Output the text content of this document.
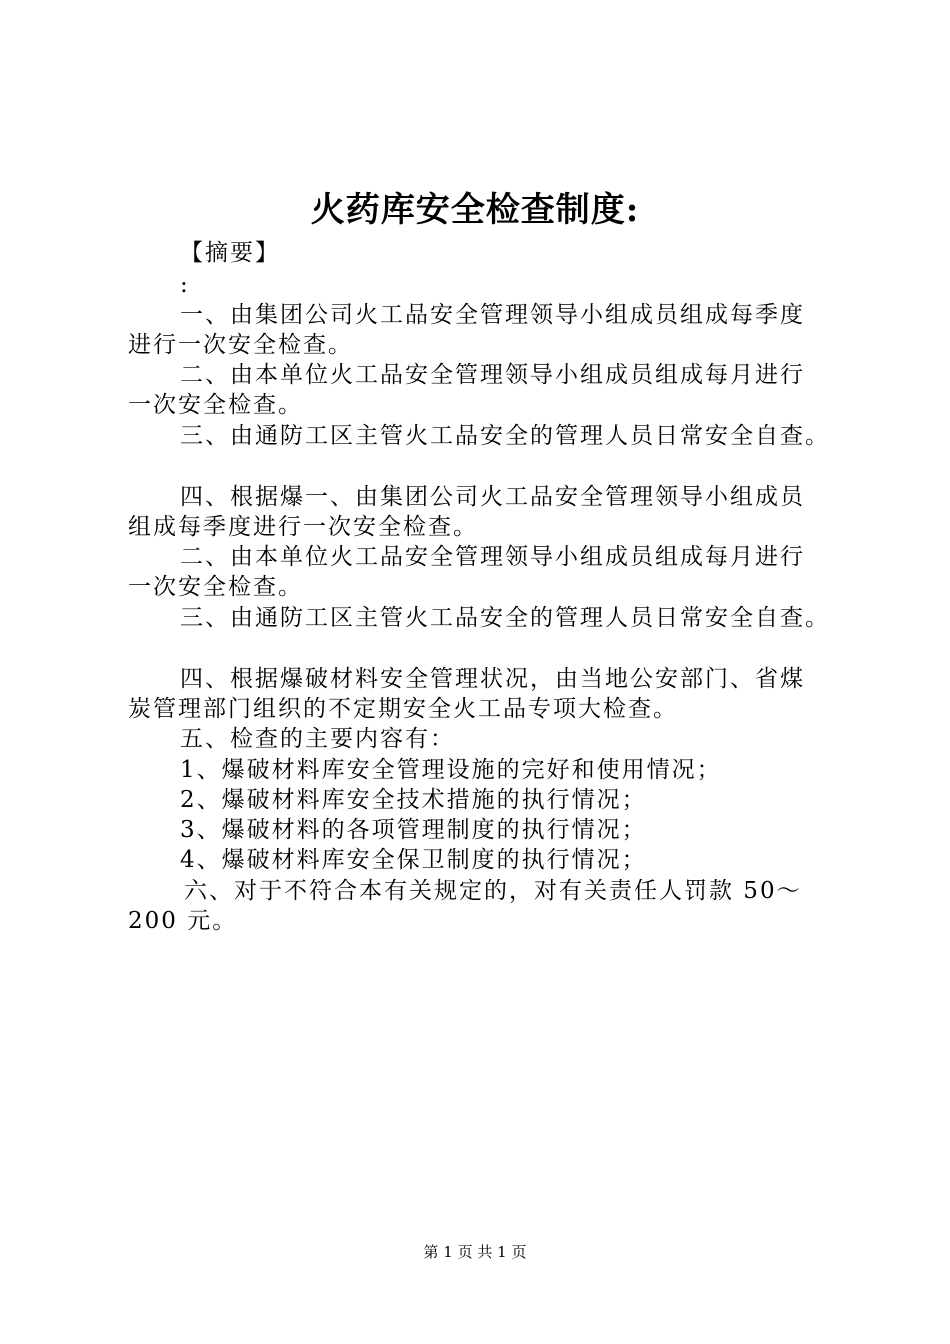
火药库安全检查制度:
【摘要】
:
一、由集团公司火工品安全管理领导小组成员组成每季度
进行一次安全检查。
二、由本单位火工品安全管理领导小组成员组成每月进行
一次安全检查。
三、由通防工区主管火工品安全的管理人员日常安全自查。
四、根据爆一、由集团公司火工品安全管理领导小组成员
组成每季度进行一次安全检查。
二、由本单位火工品安全管理领导小组成员组成每月进行
一次安全检查。
三、由通防工区主管火工品安全的管理人员日常安全自查。
四、根据爆破材料安全管理状况，由当地公安部门、省煤
炭管理部门组织的不定期安全火工品专项大检查。
五、检查的主要内容有：
1、爆破材料库安全管理设施的完好和使用情况；
2、爆破材料库安全技术措施的执行情况；
3、爆破材料的各项管理制度的执行情况；
4、爆破材料库安全保卫制度的执行情况；
六、对于不符合本有关规定的，对有关责任人罚款 50～
200 元。
第 1 页 共 1 页
